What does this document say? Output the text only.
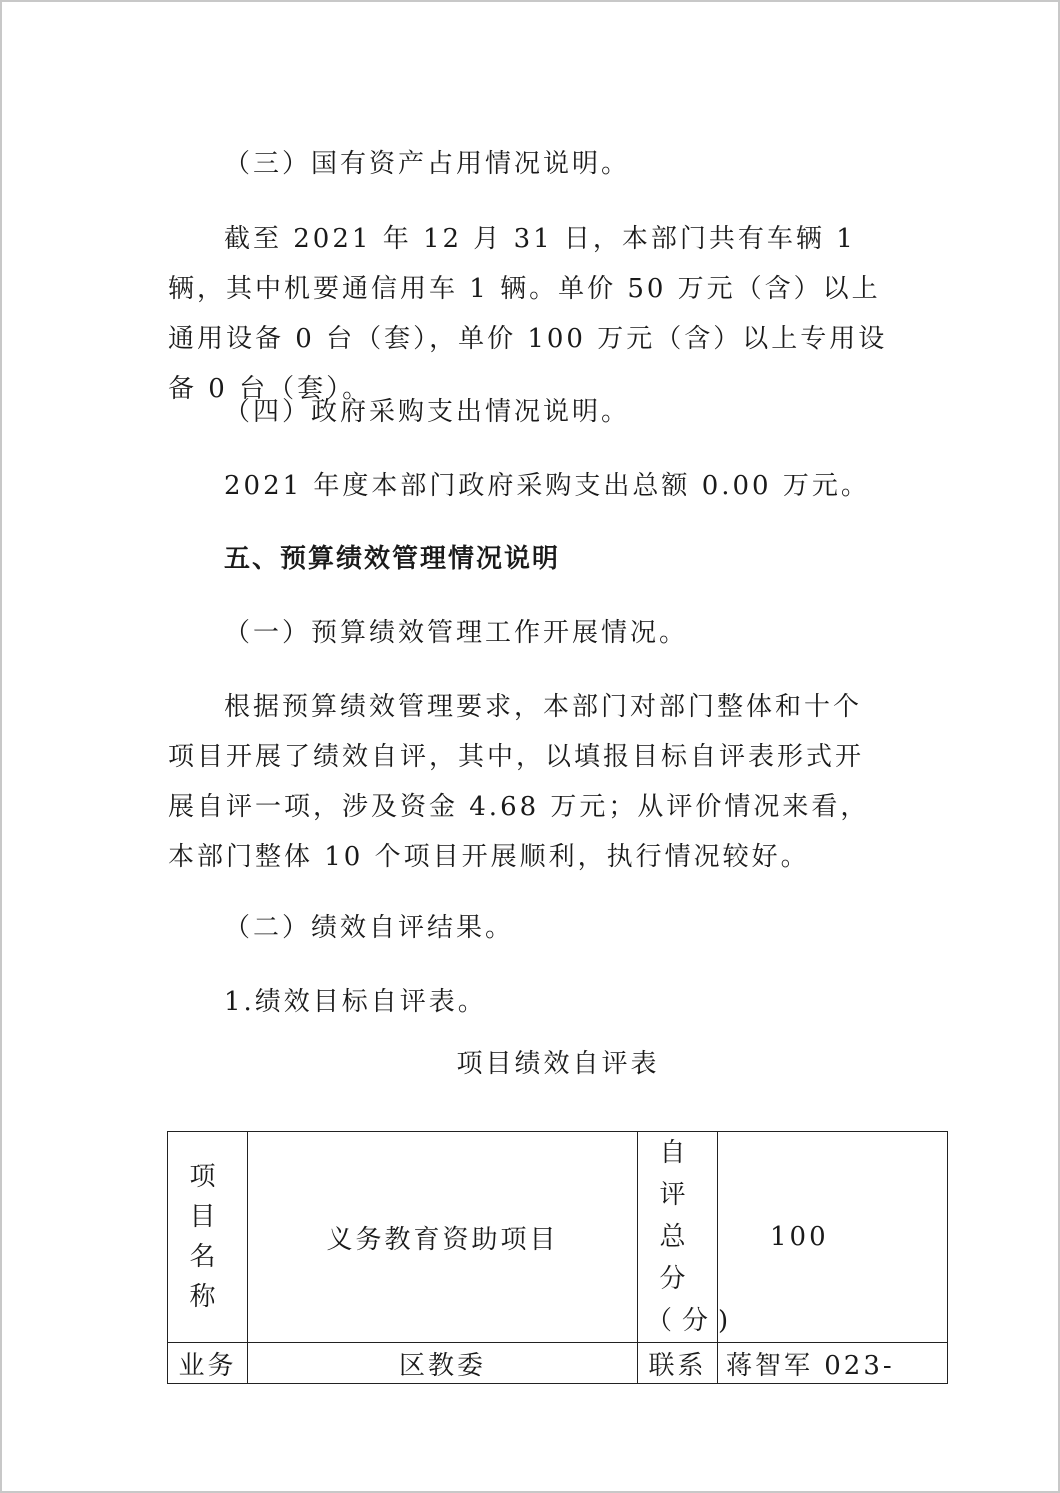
（三）国有资产占用情况说明。

截至 2021 年 12 月 31 日，本部门共有车辆 1 辆，其中机要通信用车 1 辆。单价 50 万元（含）以上通用设备 0 台（套），单价 100 万元（含）以上专用设备 0 台（套）。

（四）政府采购支出情况说明。

2021 年度本部门政府采购支出总额 0.00 万元。

五、预算绩效管理情况说明

（一）预算绩效管理工作开展情况。

根据预算绩效管理要求，本部门对部门整体和十个项目开展了绩效自评，其中，以填报目标自评表形式开展自评一项，涉及资金 4.68 万元；从评价情况来看，本部门整体 10 个项目开展顺利，执行情况较好。

（二）绩效自评结果。

1.绩效目标自评表。

项目绩效自评表
项目名称	义务教育资助项目	自评总分（分)	100
业务	区教委	联系	蒋智军 023-
